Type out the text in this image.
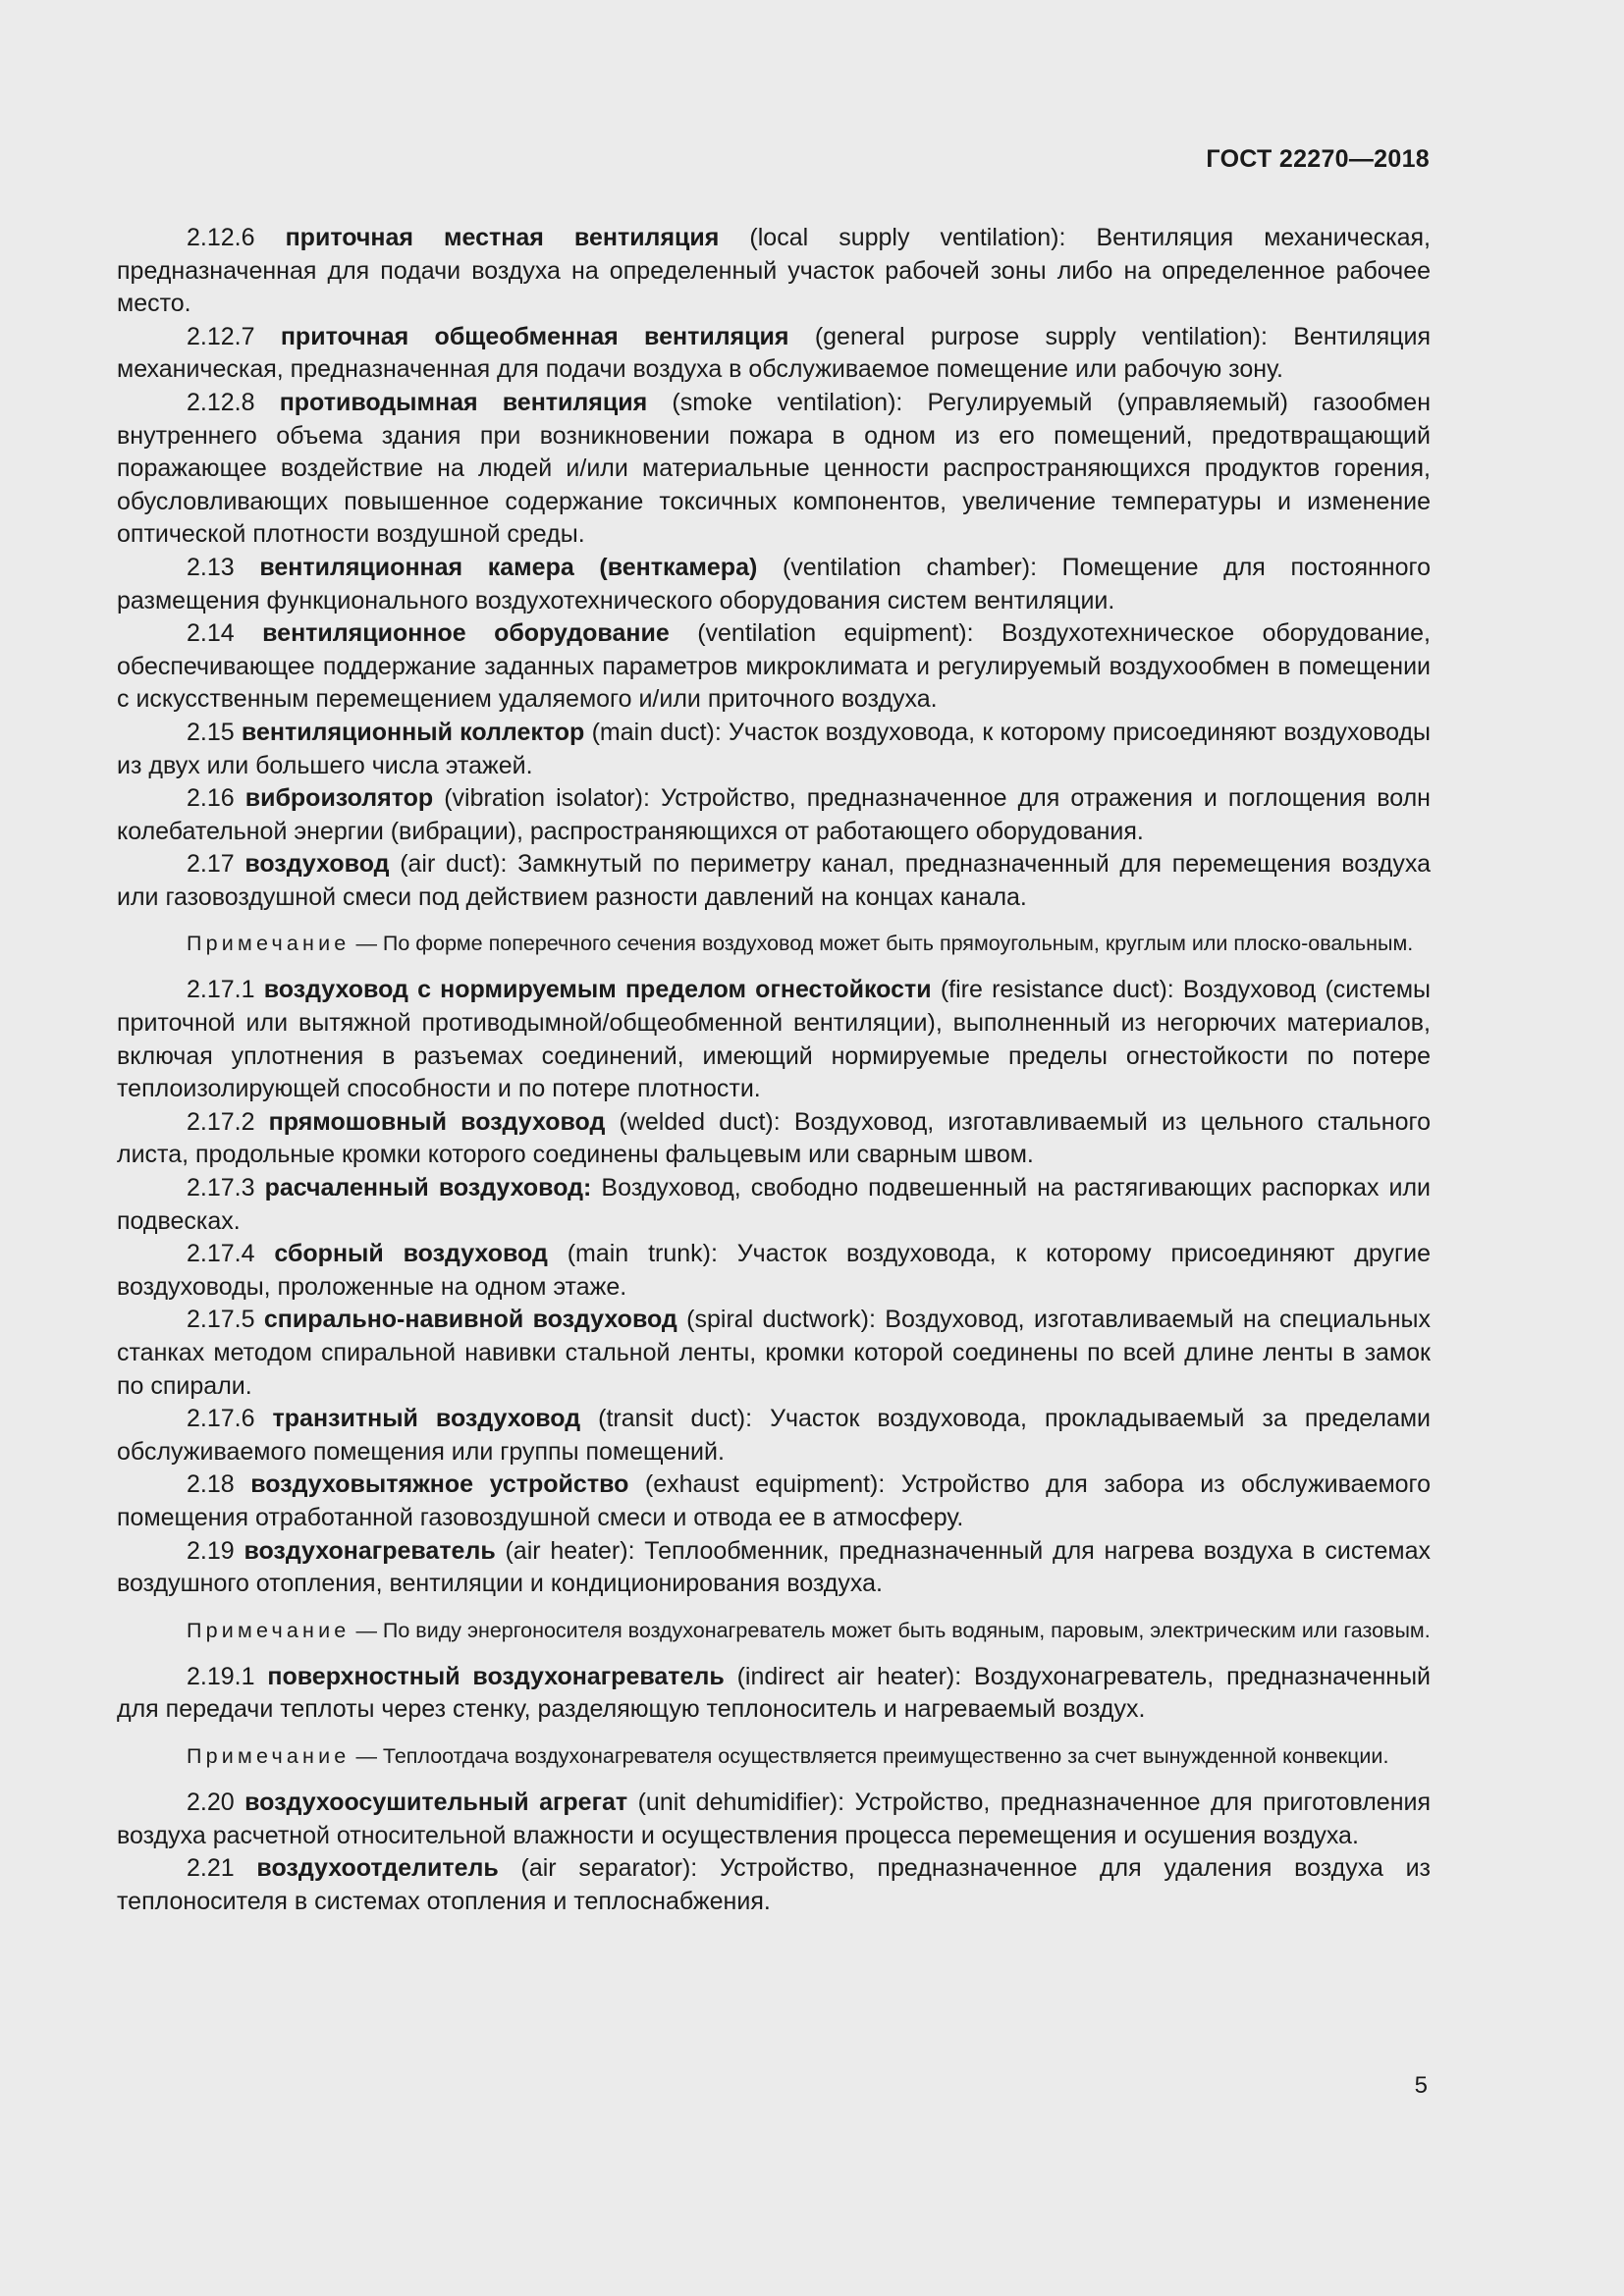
ГОСТ 22270—2018

2.12.6 приточная местная вентиляция (local supply ventilation): Вентиляция механическая, предназначенная для подачи воздуха на определенный участок рабочей зоны либо на определенное рабочее место.

2.12.7 приточная общеобменная вентиляция (general purpose supply ventilation): Вентиляция механическая, предназначенная для подачи воздуха в обслуживаемое помещение или рабочую зону.

2.12.8 противодымная вентиляция (smoke ventilation): Регулируемый (управляемый) газообмен внутреннего объема здания при возникновении пожара в одном из его помещений, предотвращающий поражающее воздействие на людей и/или материальные ценности распространяющихся продуктов горения, обусловливающих повышенное содержание токсичных компонентов, увеличение температуры и изменение оптической плотности воздушной среды.

2.13 вентиляционная камера (венткамера) (ventilation chamber): Помещение для постоянного размещения функционального воздухотехнического оборудования систем вентиляции.

2.14 вентиляционное оборудование (ventilation equipment): Воздухотехническое оборудование, обеспечивающее поддержание заданных параметров микроклимата и регулируемый воздухообмен в помещении с искусственным перемещением удаляемого и/или приточного воздуха.

2.15 вентиляционный коллектор (main duct): Участок воздуховода, к которому присоединяют воздуховоды из двух или большего числа этажей.

2.16 виброизолятор (vibration isolator): Устройство, предназначенное для отражения и поглощения волн колебательной энергии (вибрации), распространяющихся от работающего оборудования.

2.17 воздуховод (air duct): Замкнутый по периметру канал, предназначенный для перемещения воздуха или газовоздушной смеси под действием разности давлений на концах канала.

Примечание — По форме поперечного сечения воздуховод может быть прямоугольным, круглым или плоско-овальным.

2.17.1 воздуховод с нормируемым пределом огнестойкости (fire resistance duct): Воздуховод (системы приточной или вытяжной противодымной/общеобменной вентиляции), выполненный из негорючих материалов, включая уплотнения в разъемах соединений, имеющий нормируемые пределы огнестойкости по потере теплоизолирующей способности и по потере плотности.

2.17.2 прямошовный воздуховод (welded duct): Воздуховод, изготавливаемый из цельного стального листа, продольные кромки которого соединены фальцевым или сварным швом.

2.17.3 расчаленный воздуховод: Воздуховод, свободно подвешенный на растягивающих распорках или подвесках.

2.17.4 сборный воздуховод (main trunk): Участок воздуховода, к которому присоединяют другие воздуховоды, проложенные на одном этаже.

2.17.5 спирально-навивной воздуховод (spiral ductwork): Воздуховод, изготавливаемый на специальных станках методом спиральной навивки стальной ленты, кромки которой соединены по всей длине ленты в замок по спирали.

2.17.6 транзитный воздуховод (transit duct): Участок воздуховода, прокладываемый за пределами обслуживаемого помещения или группы помещений.

2.18 воздуховытяжное устройство (exhaust equipment): Устройство для забора из обслуживаемого помещения отработанной газовоздушной смеси и отвода ее в атмосферу.

2.19 воздухонагреватель (air heater): Теплообменник, предназначенный для нагрева воздуха в системах воздушного отопления, вентиляции и кондиционирования воздуха.

Примечание — По виду энергоносителя воздухонагреватель может быть водяным, паровым, электрическим или газовым.

2.19.1 поверхностный воздухонагреватель (indirect air heater): Воздухонагреватель, предназначенный для передачи теплоты через стенку, разделяющую теплоноситель и нагреваемый воздух.

Примечание — Теплоотдача воздухонагревателя осуществляется преимущественно за счет вынужденной конвекции.

2.20 воздухоосушительный агрегат (unit dehumidifier): Устройство, предназначенное для приготовления воздуха расчетной относительной влажности и осуществления процесса перемещения и осушения воздуха.

2.21 воздухоотделитель (air separator): Устройство, предназначенное для удаления воздуха из теплоносителя в системах отопления и теплоснабжения.

5
